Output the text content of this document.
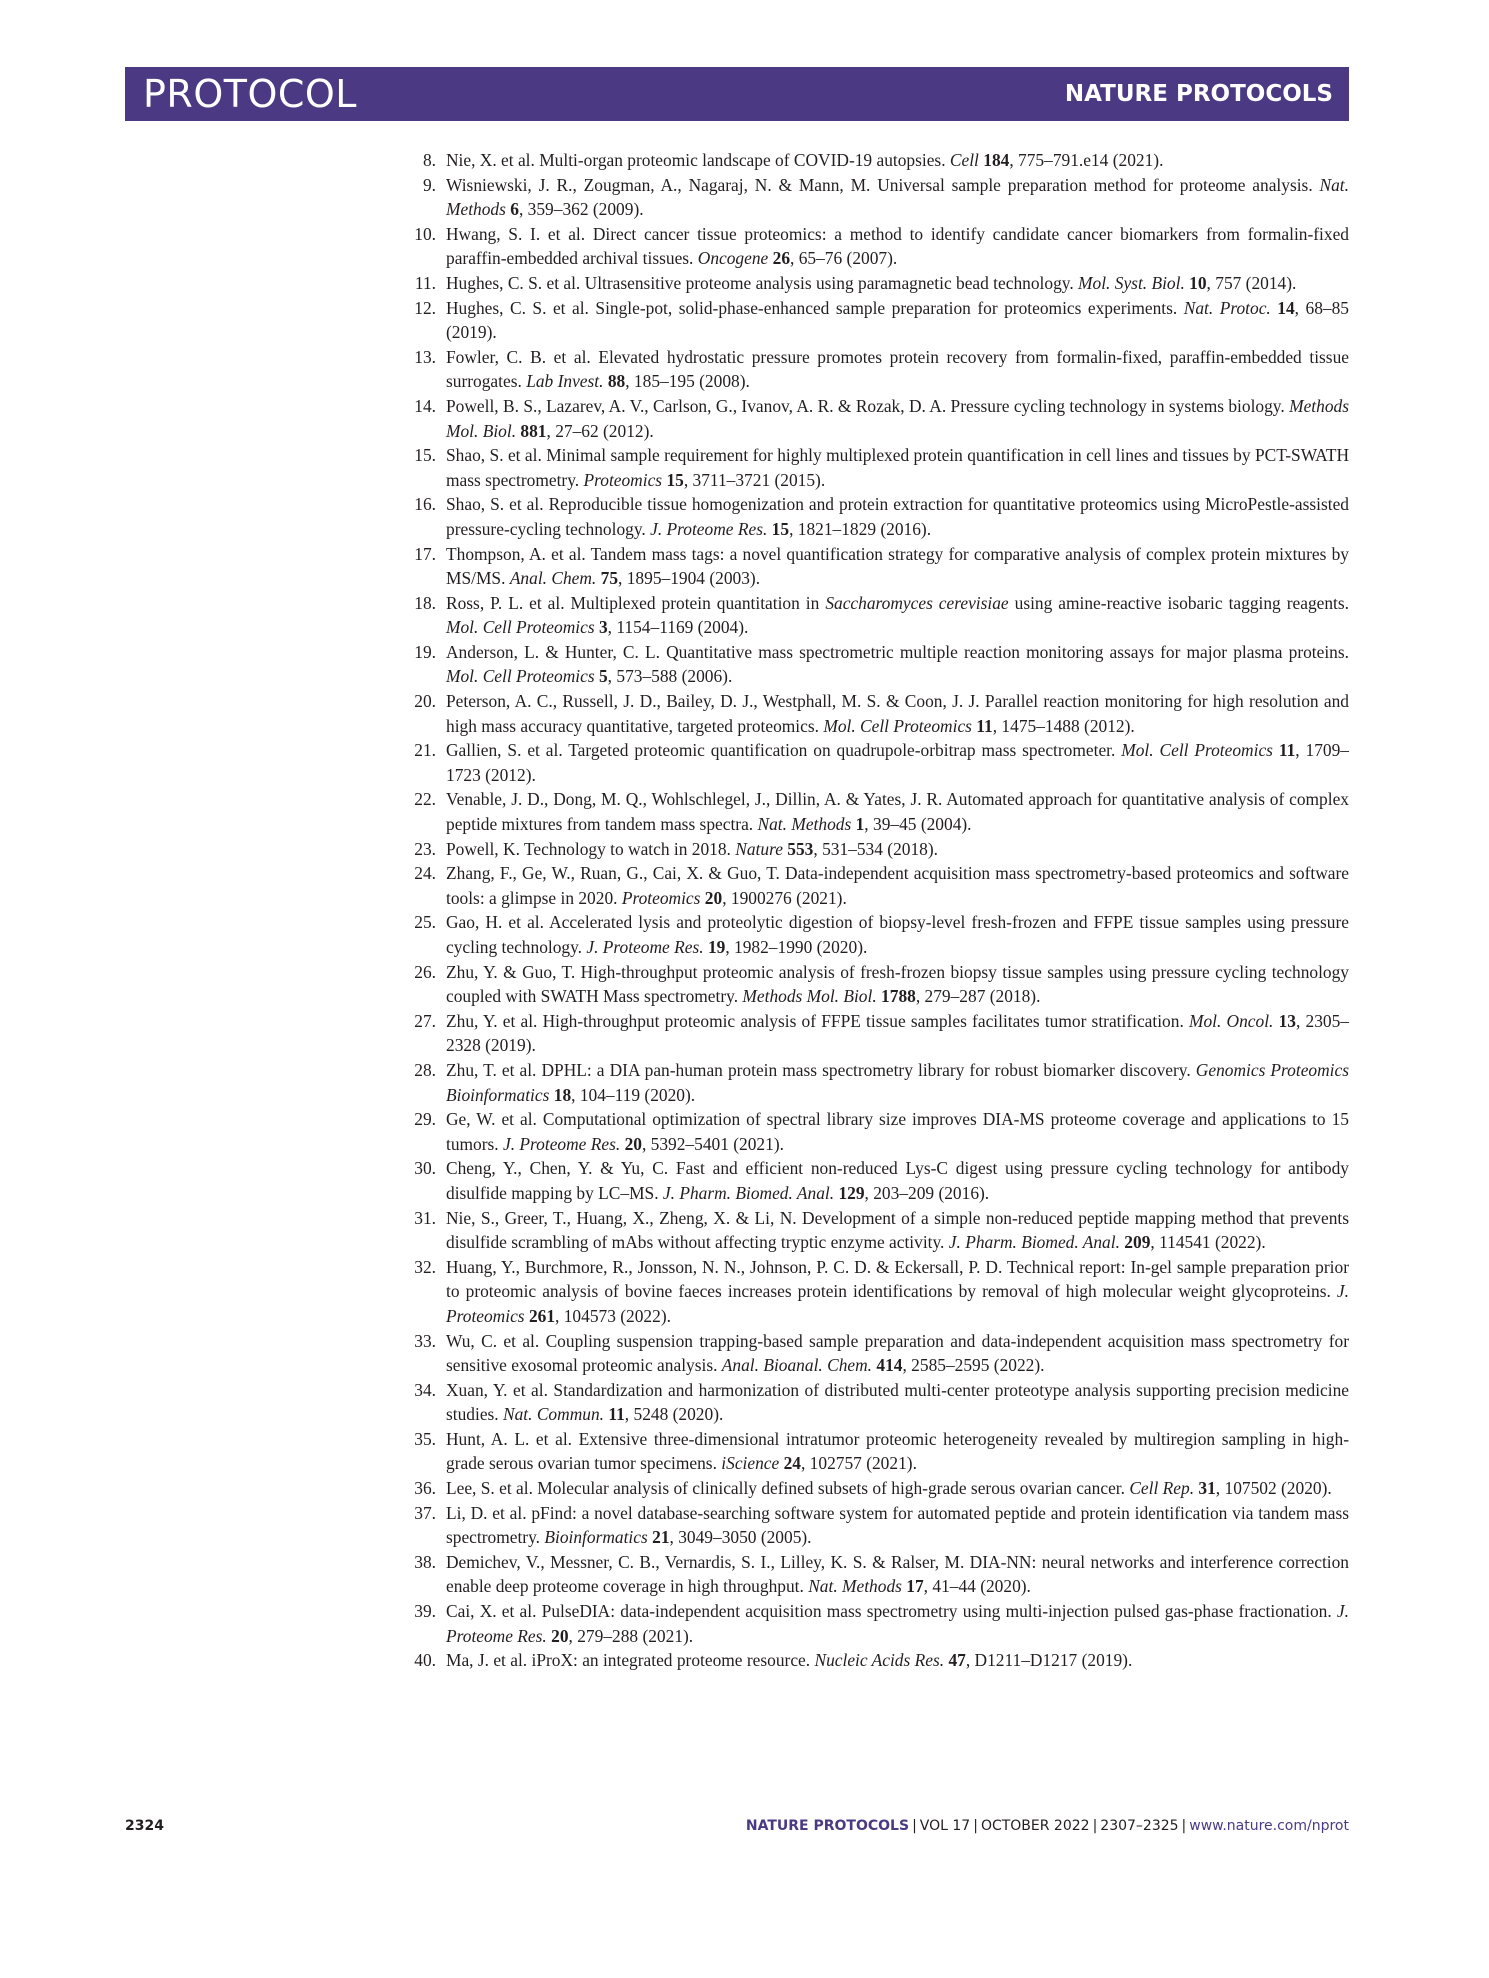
PROTOCOL	NATURE PROTOCOLS
8. Nie, X. et al. Multi-organ proteomic landscape of COVID-19 autopsies. Cell 184, 775–791.e14 (2021).
9. Wisniewski, J. R., Zougman, A., Nagaraj, N. & Mann, M. Universal sample preparation method for proteome analysis. Nat. Methods 6, 359–362 (2009).
10. Hwang, S. I. et al. Direct cancer tissue proteomics: a method to identify candidate cancer biomarkers from formalin-fixed paraffin-embedded archival tissues. Oncogene 26, 65–76 (2007).
11. Hughes, C. S. et al. Ultrasensitive proteome analysis using paramagnetic bead technology. Mol. Syst. Biol. 10, 757 (2014).
12. Hughes, C. S. et al. Single-pot, solid-phase-enhanced sample preparation for proteomics experiments. Nat. Protoc. 14, 68–85 (2019).
13. Fowler, C. B. et al. Elevated hydrostatic pressure promotes protein recovery from formalin-fixed, paraffin-embedded tissue surrogates. Lab Invest. 88, 185–195 (2008).
14. Powell, B. S., Lazarev, A. V., Carlson, G., Ivanov, A. R. & Rozak, D. A. Pressure cycling technology in systems biology. Methods Mol. Biol. 881, 27–62 (2012).
15. Shao, S. et al. Minimal sample requirement for highly multiplexed protein quantification in cell lines and tissues by PCT-SWATH mass spectrometry. Proteomics 15, 3711–3721 (2015).
16. Shao, S. et al. Reproducible tissue homogenization and protein extraction for quantitative proteomics using MicroPestle-assisted pressure-cycling technology. J. Proteome Res. 15, 1821–1829 (2016).
17. Thompson, A. et al. Tandem mass tags: a novel quantification strategy for comparative analysis of complex protein mixtures by MS/MS. Anal. Chem. 75, 1895–1904 (2003).
18. Ross, P. L. et al. Multiplexed protein quantitation in Saccharomyces cerevisiae using amine-reactive isobaric tagging reagents. Mol. Cell Proteomics 3, 1154–1169 (2004).
19. Anderson, L. & Hunter, C. L. Quantitative mass spectrometric multiple reaction monitoring assays for major plasma proteins. Mol. Cell Proteomics 5, 573–588 (2006).
20. Peterson, A. C., Russell, J. D., Bailey, D. J., Westphall, M. S. & Coon, J. J. Parallel reaction monitoring for high resolution and high mass accuracy quantitative, targeted proteomics. Mol. Cell Proteomics 11, 1475–1488 (2012).
21. Gallien, S. et al. Targeted proteomic quantification on quadrupole-orbitrap mass spectrometer. Mol. Cell Proteomics 11, 1709–1723 (2012).
22. Venable, J. D., Dong, M. Q., Wohlschlegel, J., Dillin, A. & Yates, J. R. Automated approach for quantitative analysis of complex peptide mixtures from tandem mass spectra. Nat. Methods 1, 39–45 (2004).
23. Powell, K. Technology to watch in 2018. Nature 553, 531–534 (2018).
24. Zhang, F., Ge, W., Ruan, G., Cai, X. & Guo, T. Data-independent acquisition mass spectrometry-based proteomics and software tools: a glimpse in 2020. Proteomics 20, 1900276 (2021).
25. Gao, H. et al. Accelerated lysis and proteolytic digestion of biopsy-level fresh-frozen and FFPE tissue samples using pressure cycling technology. J. Proteome Res. 19, 1982–1990 (2020).
26. Zhu, Y. & Guo, T. High-throughput proteomic analysis of fresh-frozen biopsy tissue samples using pressure cycling technology coupled with SWATH Mass spectrometry. Methods Mol. Biol. 1788, 279–287 (2018).
27. Zhu, Y. et al. High-throughput proteomic analysis of FFPE tissue samples facilitates tumor stratification. Mol. Oncol. 13, 2305–2328 (2019).
28. Zhu, T. et al. DPHL: a DIA pan-human protein mass spectrometry library for robust biomarker discovery. Genomics Proteomics Bioinformatics 18, 104–119 (2020).
29. Ge, W. et al. Computational optimization of spectral library size improves DIA-MS proteome coverage and applications to 15 tumors. J. Proteome Res. 20, 5392–5401 (2021).
30. Cheng, Y., Chen, Y. & Yu, C. Fast and efficient non-reduced Lys-C digest using pressure cycling technology for antibody disulfide mapping by LC–MS. J. Pharm. Biomed. Anal. 129, 203–209 (2016).
31. Nie, S., Greer, T., Huang, X., Zheng, X. & Li, N. Development of a simple non-reduced peptide mapping method that prevents disulfide scrambling of mAbs without affecting tryptic enzyme activity. J. Pharm. Biomed. Anal. 209, 114541 (2022).
32. Huang, Y., Burchmore, R., Jonsson, N. N., Johnson, P. C. D. & Eckersall, P. D. Technical report: In-gel sample preparation prior to proteomic analysis of bovine faeces increases protein identifications by removal of high molecular weight glycoproteins. J. Proteomics 261, 104573 (2022).
33. Wu, C. et al. Coupling suspension trapping-based sample preparation and data-independent acquisition mass spectrometry for sensitive exosomal proteomic analysis. Anal. Bioanal. Chem. 414, 2585–2595 (2022).
34. Xuan, Y. et al. Standardization and harmonization of distributed multi-center proteotype analysis supporting precision medicine studies. Nat. Commun. 11, 5248 (2020).
35. Hunt, A. L. et al. Extensive three-dimensional intratumor proteomic heterogeneity revealed by multiregion sampling in high-grade serous ovarian tumor specimens. iScience 24, 102757 (2021).
36. Lee, S. et al. Molecular analysis of clinically defined subsets of high-grade serous ovarian cancer. Cell Rep. 31, 107502 (2020).
37. Li, D. et al. pFind: a novel database-searching software system for automated peptide and protein identification via tandem mass spectrometry. Bioinformatics 21, 3049–3050 (2005).
38. Demichev, V., Messner, C. B., Vernardis, S. I., Lilley, K. S. & Ralser, M. DIA-NN: neural networks and interference correction enable deep proteome coverage in high throughput. Nat. Methods 17, 41–44 (2020).
39. Cai, X. et al. PulseDIA: data-independent acquisition mass spectrometry using multi-injection pulsed gas-phase fractionation. J. Proteome Res. 20, 279–288 (2021).
40. Ma, J. et al. iProX: an integrated proteome resource. Nucleic Acids Res. 47, D1211–D1217 (2019).
2324	NATURE PROTOCOLS | VOL 17 | OCTOBER 2022 | 2307–2325 | www.nature.com/nprot
